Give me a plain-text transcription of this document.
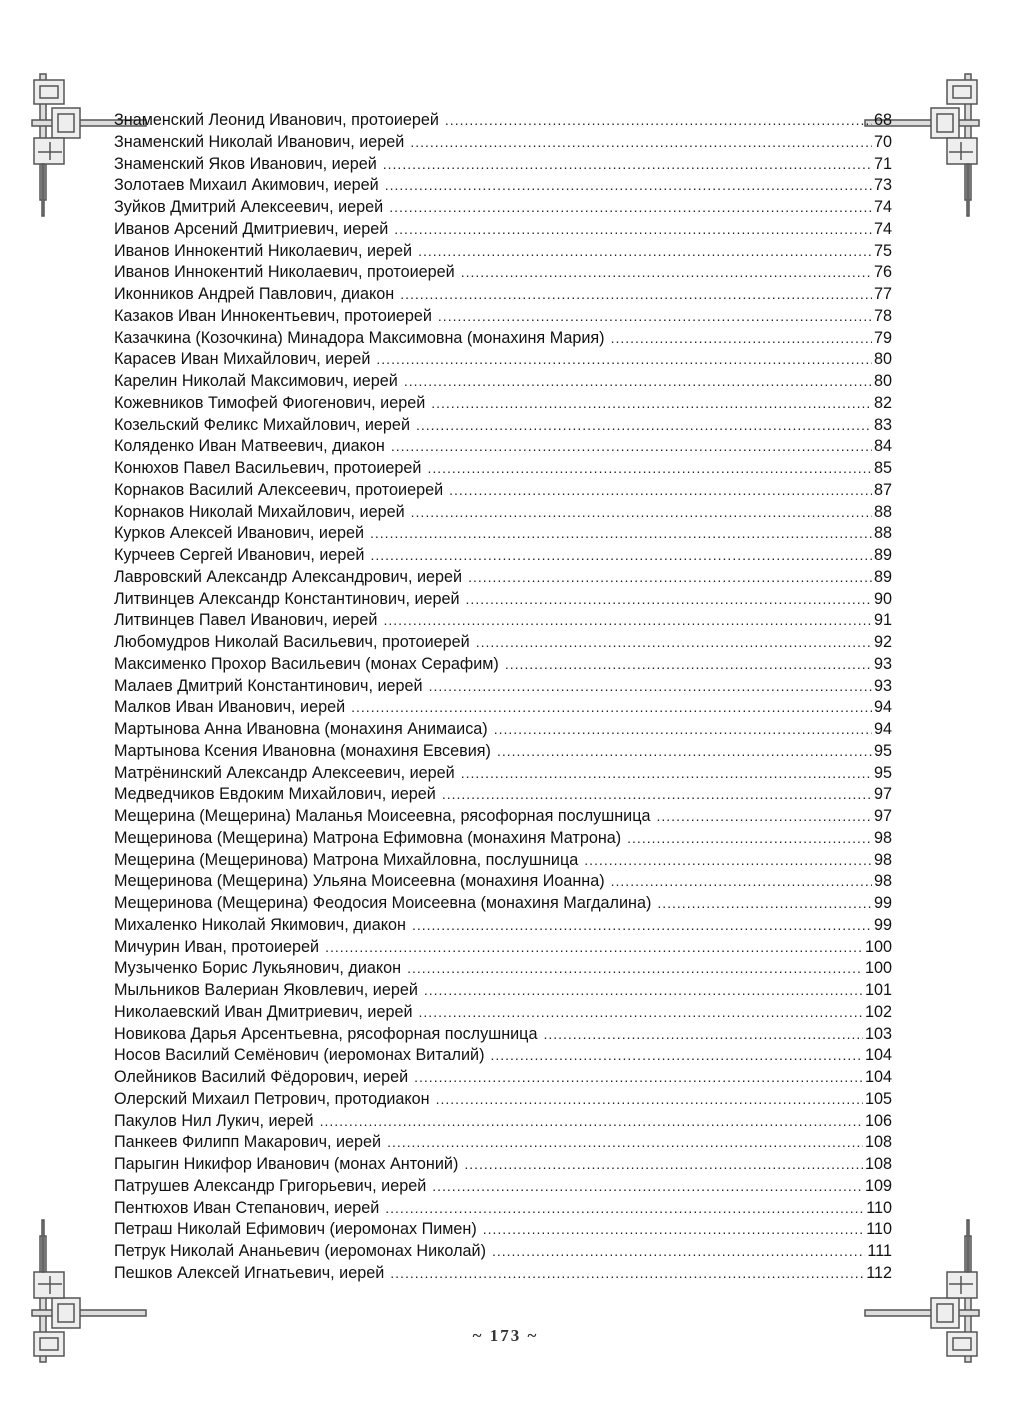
Знаменский Леонид Иванович, протоиерей .....	68
Знаменский Николай Иванович, иерей .....	70
Знаменский Яков Иванович, иерей .....	71
Золотаев Михаил Акимович, иерей .....	73
Зуйков Дмитрий Алексеевич, иерей .....	74
Иванов Арсений Дмитриевич, иерей .....	74
Иванов Иннокентий Николаевич, иерей .....	75
Иванов Иннокентий Николаевич, протоиерей .....	76
Иконников Андрей Павлович, диакон .....	77
Казаков Иван Иннокентьевич, протоиерей .....	78
Казачкина (Козочкина) Минадора Максимовна (монахиня Мария) .....	79
Карасев Иван Михайлович, иерей .....	80
Карелин Николай Максимович, иерей .....	80
Кожевников Тимофей Фиогенович, иерей .....	82
Козельский Феликс Михайлович, иерей .....	83
Коляденко Иван Матвеевич, диакон .....	84
Конюхов Павел Васильевич, протоиерей .....	85
Корнаков Василий Алексеевич, протоиерей .....	87
Корнаков Николай Михайлович, иерей .....	88
Курков Алексей Иванович, иерей .....	88
Курчеев Сергей Иванович, иерей .....	89
Лавровский Александр Александрович, иерей .....	89
Литвинцев Александр Константинович, иерей .....	90
Литвинцев Павел Иванович, иерей .....	91
Любомудров Николай Васильевич, протоиерей .....	92
Максименко Прохор Васильевич (монах Серафим) .....	93
Малаев Дмитрий Константинович, иерей .....	93
Малков Иван Иванович, иерей .....	94
Мартынова Анна Ивановна (монахиня Анимаиса) .....	94
Мартынова Ксения Ивановна (монахиня Евсевия) .....	95
Матрёнинский Александр Алексеевич, иерей .....	95
Медведчиков Евдоким Михайлович, иерей .....	97
Мещерина (Мещерина) Маланья Моисеевна, рясофорная послушница .....	97
Мещеринова (Мещерина) Матрона Ефимовна (монахиня Матрона) .....	98
Мещерина (Мещеринова) Матрона Михайловна, послушница .....	98
Мещеринова (Мещерина) Ульяна Моисеевна (монахиня Иоанна) .....	98
Мещеринова (Мещерина) Феодосия Моисеевна (монахиня Магдалина) .....	99
Михаленко Николай Якимович, диакон .....	99
Мичурин Иван, протоиерей .....	100
Музыченко Борис Лукьянович, диакон .....	100
Мыльников Валериан Яковлевич, иерей .....	101
Николаевский Иван Дмитриевич, иерей .....	102
Новикова Дарья Арсентьевна, рясофорная послушница .....	103
Носов Василий Семёнович (иеромонах Виталий) .....	104
Олейников Василий Фёдорович, иерей .....	104
Олерский Михаил Петрович, протодиакон .....	105
Пакулов Нил Лукич, иерей .....	106
Панкеев Филипп Макарович, иерей .....	108
Парыгин Никифор Иванович (монах Антоний) .....	108
Патрушев Александр Григорьевич, иерей .....	109
Пентюхов Иван Степанович, иерей .....	110
Петраш Николай Ефимович (иеромонах Пимен) .....	110
Петрук Николай Ананьевич (иеромонах Николай) .....	111
Пешков Алексей Игнатьевич, иерей .....	112
~ 173 ~
